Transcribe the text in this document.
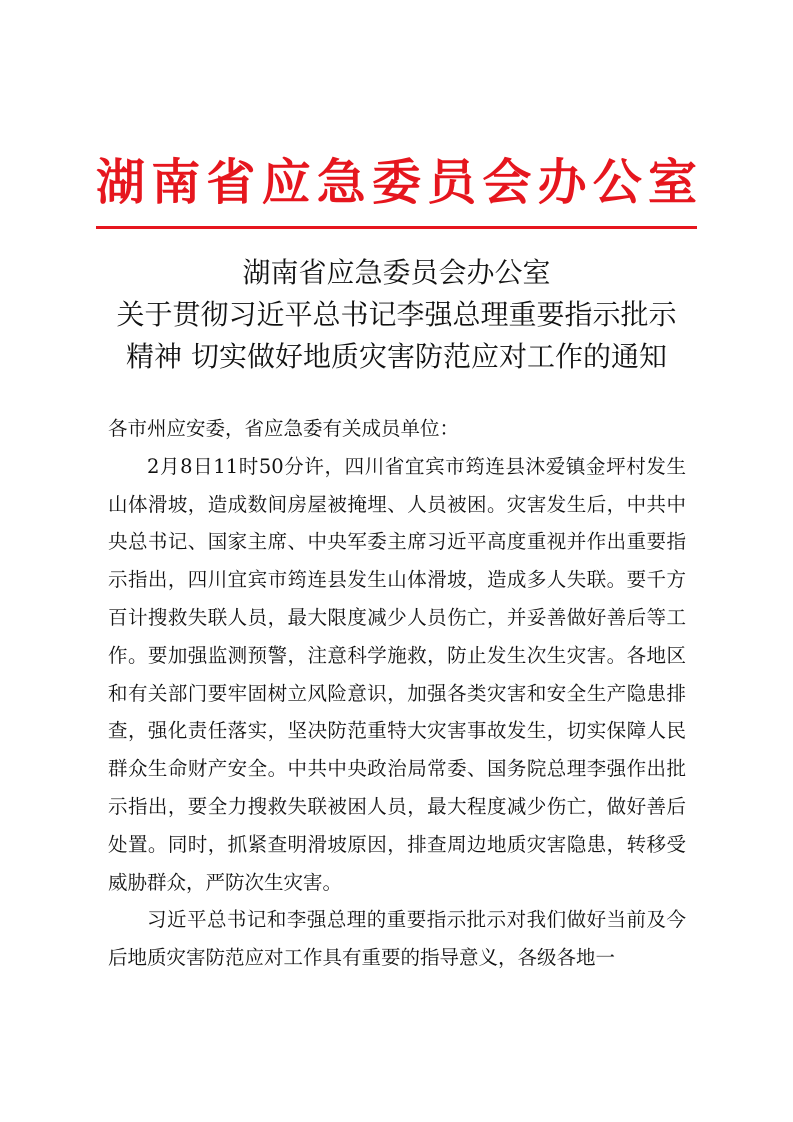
湖南省应急委员会办公室
湖南省应急委员会办公室
关于贯彻习近平总书记李强总理重要指示批示
精神 切实做好地质灾害防范应对工作的通知

各市州应安委，省应急委有关成员单位：

2月8日11时50分许，四川省宜宾市筠连县沐爱镇金坪村发生山体滑坡，造成数间房屋被掩埋、人员被困。灾害发生后，中共中央总书记、国家主席、中央军委主席习近平高度重视并作出重要指示指出，四川宜宾市筠连县发生山体滑坡，造成多人失联。要千方百计搜救失联人员，最大限度减少人员伤亡，并妥善做好善后等工作。要加强监测预警，注意科学施救，防止发生次生灾害。各地区和有关部门要牢固树立风险意识，加强各类灾害和安全生产隐患排查，强化责任落实，坚决防范重特大灾害事故发生，切实保障人民群众生命财产安全。中共中央政治局常委、国务院总理李强作出批示指出，要全力搜救失联被困人员，最大程度减少伤亡，做好善后处置。同时，抓紧查明滑坡原因，排查周边地质灾害隐患，转移受威胁群众，严防次生灾害。

习近平总书记和李强总理的重要指示批示对我们做好当前及今后地质灾害防范应对工作具有重要的指导意义，各级各地一
